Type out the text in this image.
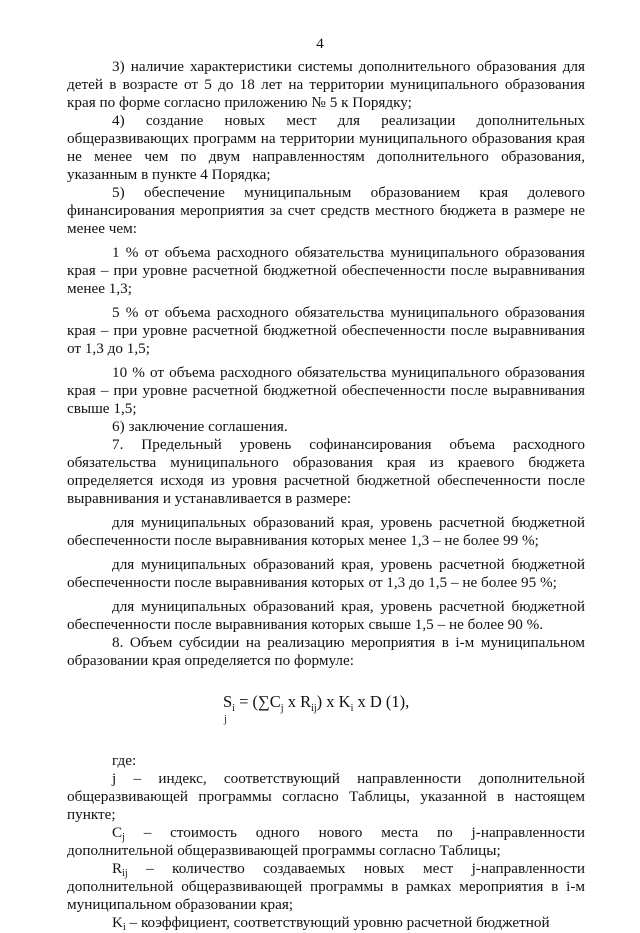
4

3) наличие характеристики системы дополнительного образования для детей в возрасте от 5 до 18 лет на территории муниципального образования края по форме согласно приложению № 5 к Порядку;

4) создание новых мест для реализации дополнительных общеразвивающих программ на территории муниципального образования края не менее чем по двум направленностям дополнительного образования, указанным в пункте 4 Порядка;

5) обеспечение муниципальным образованием края долевого финансирования мероприятия за счет средств местного бюджета в размере не менее чем:

1 % от объема расходного обязательства муниципального образования края – при уровне расчетной бюджетной обеспеченности после выравнивания менее 1,3;

5 % от объема расходного обязательства муниципального образования края – при уровне расчетной бюджетной обеспеченности после выравнивания от 1,3 до 1,5;

10 % от объема расходного обязательства муниципального образования края – при уровне расчетной бюджетной обеспеченности после выравнивания свыше 1,5;

6) заключение соглашения.

7. Предельный уровень софинансирования объема расходного обязательства муниципального образования края из краевого бюджета определяется исходя из уровня расчетной бюджетной обеспеченности после выравнивания и устанавливается в размере:

для муниципальных образований края, уровень расчетной бюджетной обеспеченности после выравнивания которых менее 1,3 – не более 99 %;

для муниципальных образований края, уровень расчетной бюджетной обеспеченности после выравнивания которых от 1,3 до 1,5 – не более 95 %;

для муниципальных образований края, уровень расчетной бюджетной обеспеченности после выравнивания которых свыше 1,5 – не более 90 %.

8. Объем субсидии на реализацию мероприятия в i-м муниципальном образовании края определяется по формуле:

$S_i = (\sum C_j$ x $R_{ij}$) x $K_i$ x D (1),
j

где:

j – индекс, соответствующий направленности дополнительной общеразвивающей программы согласно Таблицы, указанной в настоящем пункте;

$C_j$ – стоимость одного нового места по j-направленности дополнительной общеразвивающей программы согласно Таблицы;

$R_{ij}$ – количество создаваемых новых мест j-направленности дополнительной общеразвивающей программы в рамках мероприятия в i-м муниципальном образовании края;

$K_i$ – коэффициент, соответствующий уровню расчетной бюджетной
